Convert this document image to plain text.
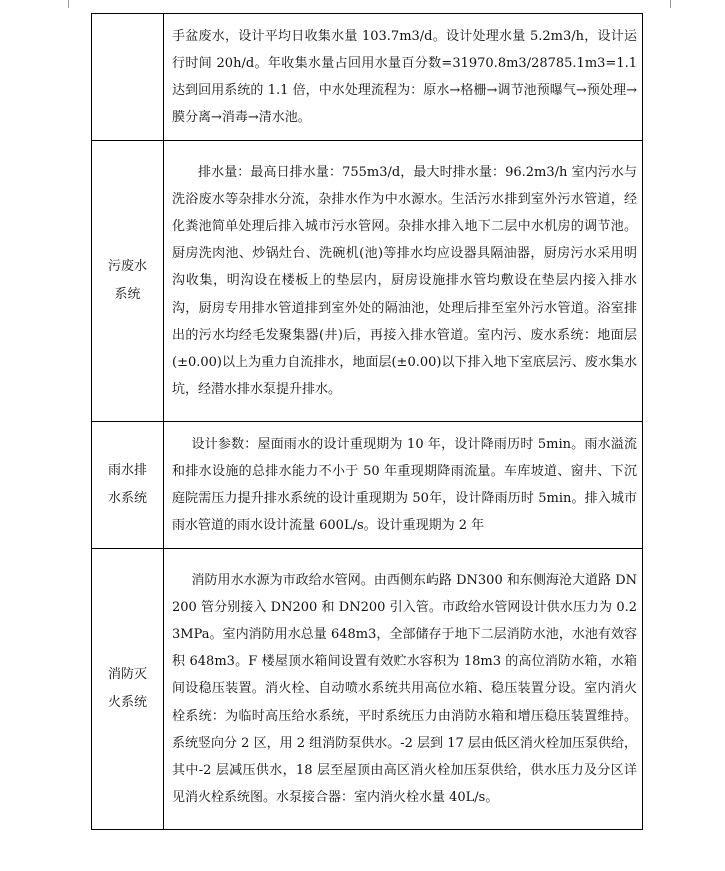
	手盆废水，设计平均日收集水量 103.7m3/d。设计处理水量 5.2m3/h，设计运行时间 20h/d。年收集水量占回用水量百分数=31970.8m3/28785.1m3=1.1 达到回用系统的 1.1 倍，中水处理流程为：原水→格栅→调节池预曝气→预处理→膜分离→消毒→清水池。

污废水系统	排水量：最高日排水量：755m3/d，最大时排水量：96.2m3/h 室内污水与洗浴废水等杂排水分流，杂排水作为中水源水。生活污水排到室外污水管道，经化粪池简单处理后排入城市污水管网。杂排水排入地下二层中水机房的调节池。厨房洗肉池、炒锅灶台、洗碗机(池)等排水均应设器具隔油器，厨房污水采用明沟收集，明沟设在楼板上的垫层内，厨房设施排水管均敷设在垫层内接入排水沟，厨房专用排水管道排到室外处的隔油池，处理后排至室外污水管道。浴室排出的污水均经毛发聚集器(井)后，再接入排水管道。室内污、废水系统：地面层(±0.00)以上为重力自流排水，地面层(±0.00)以下排入地下室底层污、废水集水坑，经潜水排水泵提升排水。

雨水排水系统	设计参数：屋面雨水的设计重现期为 10 年，设计降雨历时 5min。雨水溢流和排水设施的总排水能力不小于 50 年重现期降雨流量。车库坡道、窗井、下沉庭院需压力提升排水系统的设计重现期为 50年，设计降雨历时 5min。排入城市雨水管道的雨水设计流量 600L/s。设计重现期为 2 年

消防灭火系统	消防用水水源为市政给水管网。由西侧东屿路 DN300 和东侧海沧大道路 DN200 管分别接入 DN200 和 DN200 引入管。市政给水管网设计供水压力为 0.23MPa。室内消防用水总量 648m3，全部储存于地下二层消防水池，水池有效容积 648m3。F 楼屋顶水箱间设置有效贮水容积为 18m3 的高位消防水箱，水箱间设稳压装置。消火栓、自动喷水系统共用高位水箱、稳压装置分设。室内消火栓系统：为临时高压给水系统，平时系统压力由消防水箱和增压稳压装置维持。系统竖向分 2 区，用 2 组消防泵供水。-2 层到 17 层由低区消火栓加压泵供给，其中-2 层减压供水，18 层至屋顶由高区消火栓加压泵供给，供水压力及分区详见消火栓系统图。水泵接合器：室内消火栓水量 40L/s。
